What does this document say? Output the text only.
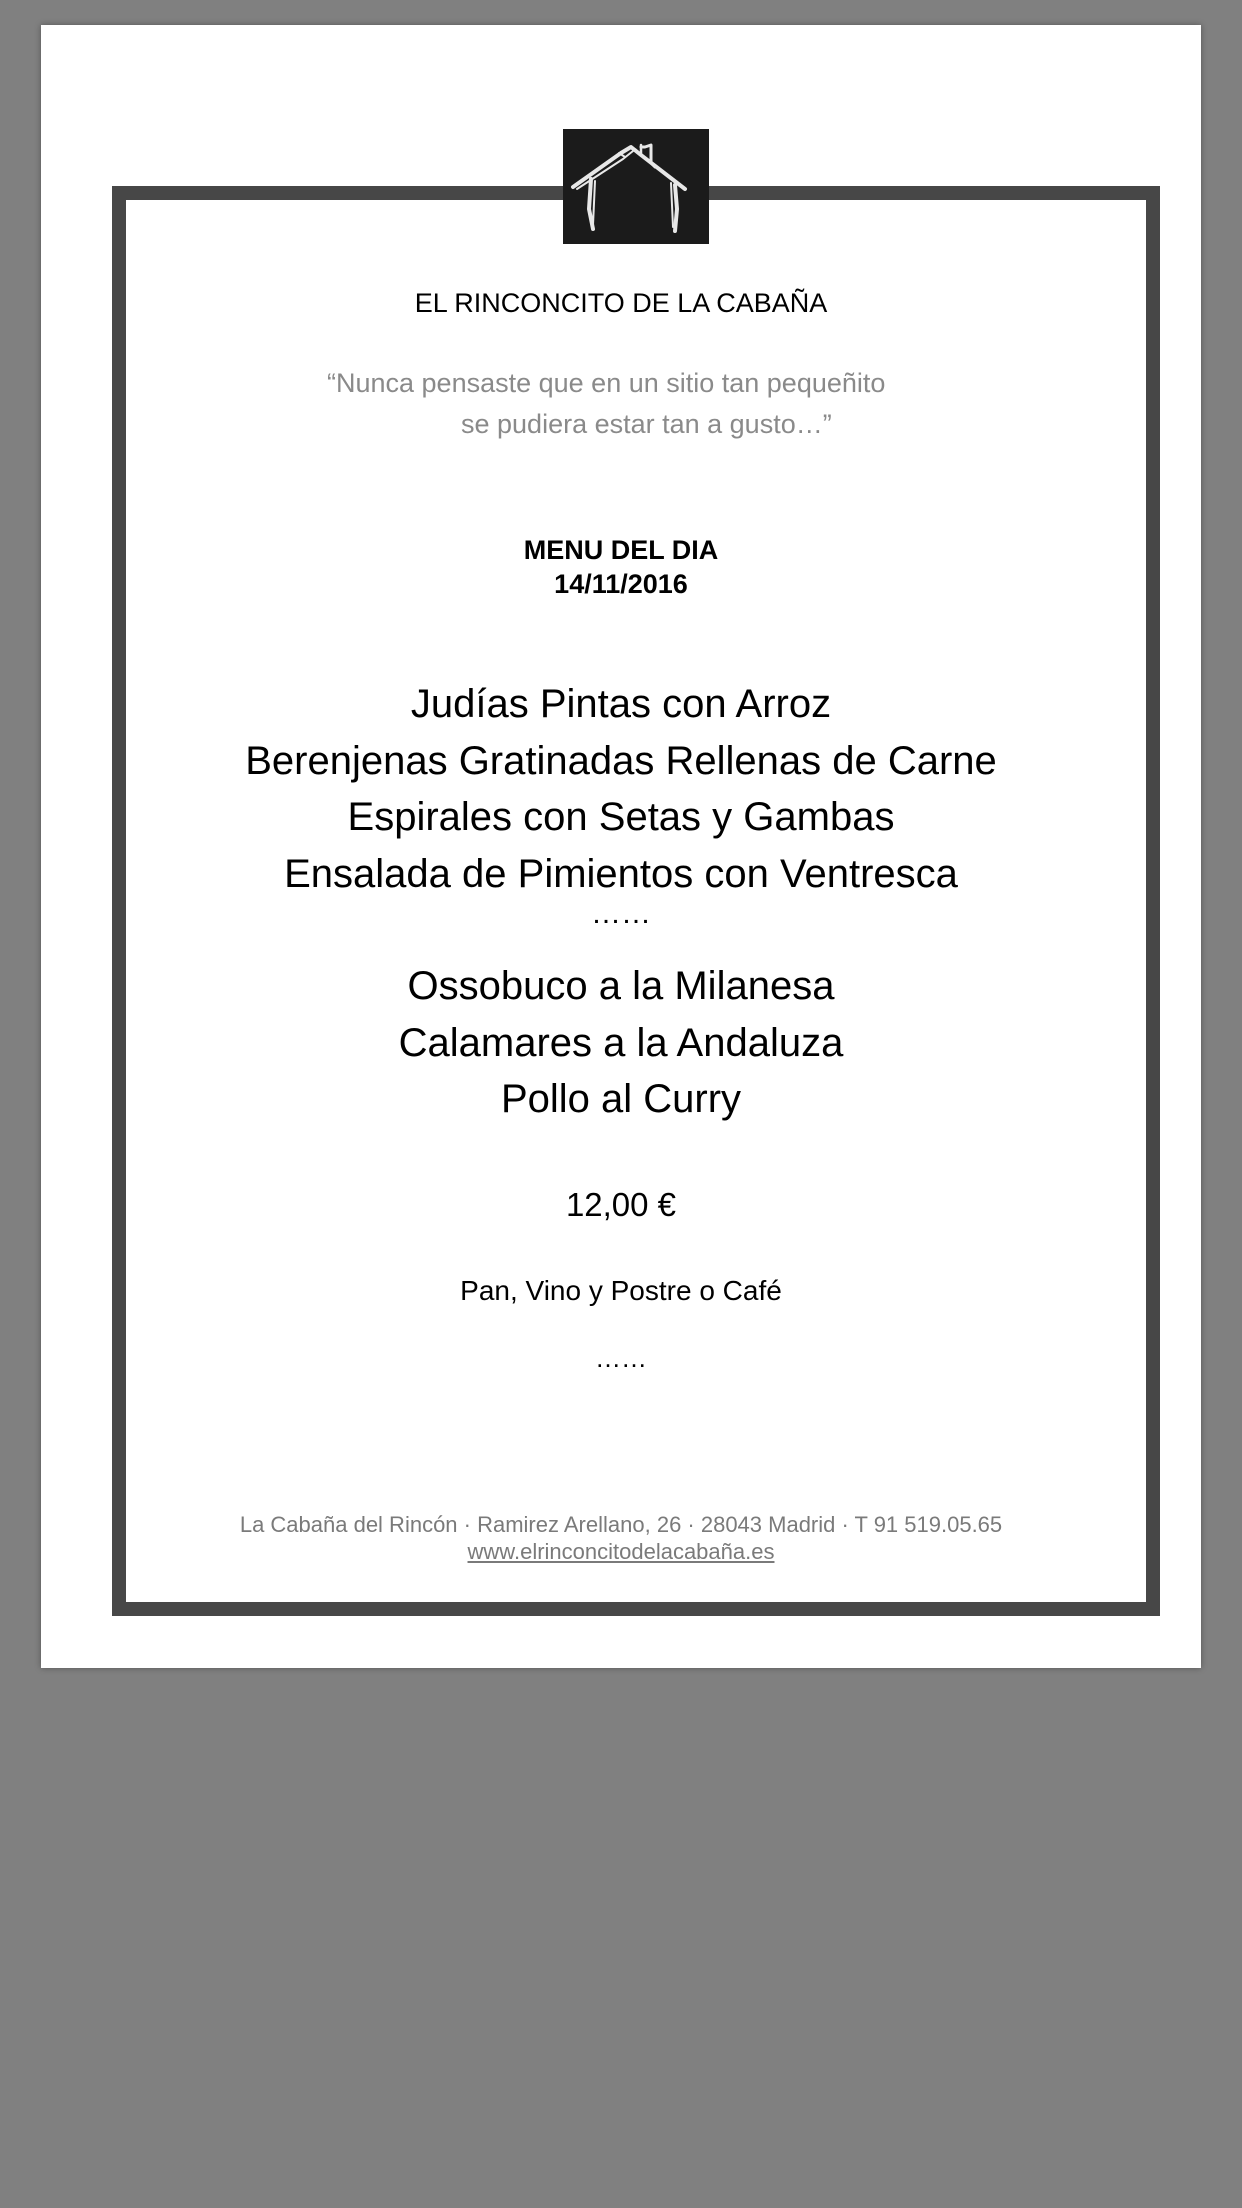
EL RINCONCITO DE LA CABAÑA

“Nunca pensaste que en un sitio tan pequeñito

se pudiera estar tan a gusto…”

MENU DEL DIA

14/11/2016

Judías Pintas con Arroz

Berenjenas Gratinadas Rellenas de Carne

Espirales con Setas y Gambas

Ensalada de Pimientos con Ventresca

……

Ossobuco a la Milanesa

Calamares a la Andaluza

Pollo al Curry

12,00 €

Pan, Vino y Postre o Café

……

La Cabaña del Rincón · Ramirez Arellano, 26 · 28043 Madrid · T 91 519.05.65

www.elrinconcitodelacabaña.es
